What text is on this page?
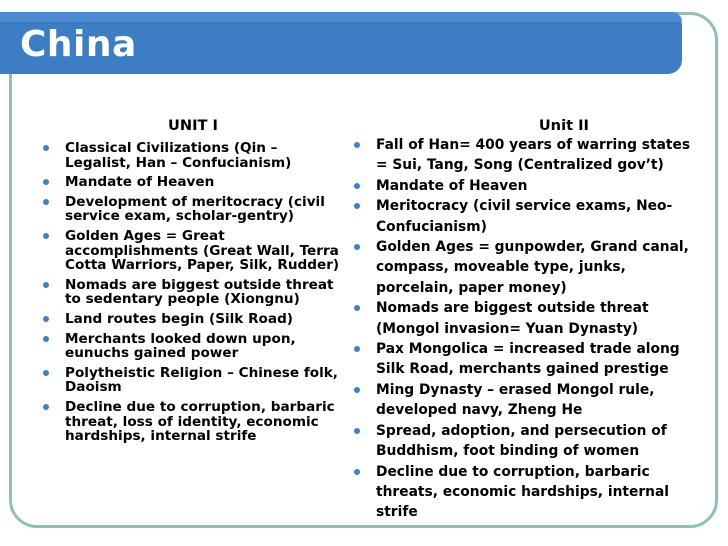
China
UNIT I
Classical Civilizations (Qin – Legalist, Han – Confucianism)
Mandate of Heaven
Development of meritocracy (civil service exam, scholar-gentry)
Golden Ages = Great accomplishments (Great Wall, Terra Cotta Warriors, Paper, Silk, Rudder)
Nomads are biggest outside threat to sedentary people (Xiongnu)
Land routes begin (Silk Road)
Merchants looked down upon, eunuchs gained power
Polytheistic Religion – Chinese folk, Daoism
Decline due to corruption, barbaric threat, loss of identity, economic hardships, internal strife
Unit II
Fall of Han= 400 years of warring states = Sui, Tang, Song (Centralized gov’t)
Mandate of Heaven
Meritocracy (civil service exams, Neo-Confucianism)
Golden Ages = gunpowder, Grand canal, compass, moveable type, junks, porcelain, paper money)
Nomads are biggest outside threat (Mongol invasion= Yuan Dynasty)
Pax Mongolica = increased trade along Silk Road, merchants gained prestige
Ming Dynasty – erased Mongol rule, developed navy, Zheng He
Spread, adoption, and persecution of Buddhism, foot binding of women
Decline due to corruption, barbaric threats, economic hardships, internal strife
